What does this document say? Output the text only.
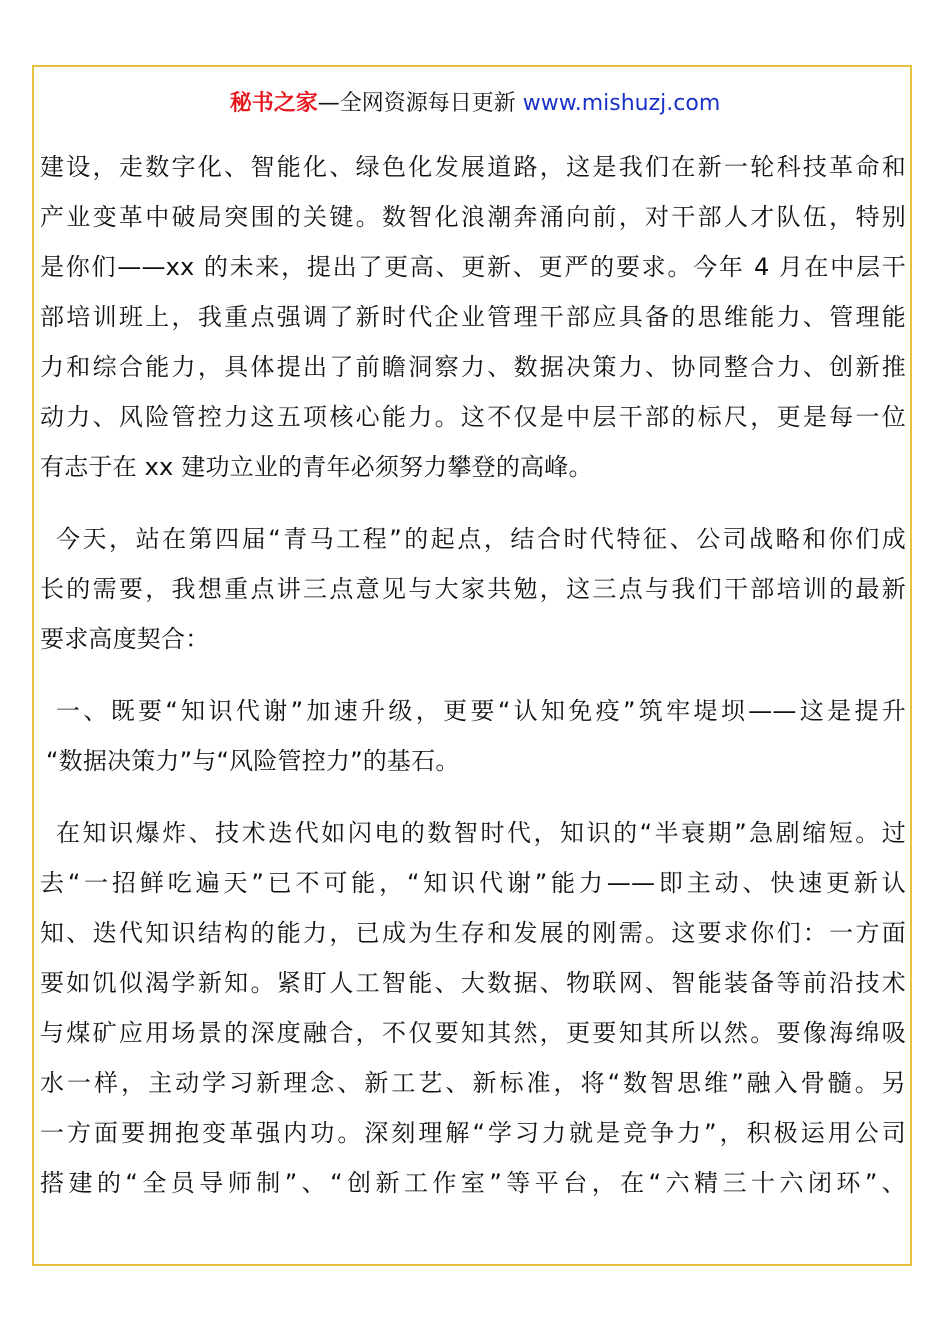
秘书之家—全网资源每日更新 www.mishuzj.com
建设，走数字化、智能化、绿色化发展道路，这是我们在新一轮科技革命和
产业变革中破局突围的关键。数智化浪潮奔涌向前，对干部人才队伍，特别
是你们——xx 的未来，提出了更高、更新、更严的要求。今年 4 月在中层干
部培训班上，我重点强调了新时代企业管理干部应具备的思维能力、管理能
力和综合能力，具体提出了前瞻洞察力、数据决策力、协同整合力、创新推
动力、风险管控力这五项核心能力。这不仅是中层干部的标尺，更是每一位
有志于在 xx 建功立业的青年必须努力攀登的高峰。
今天，站在第四届“青马工程”的起点，结合时代特征、公司战略和你们成
长的需要，我想重点讲三点意见与大家共勉，这三点与我们干部培训的最新
要求高度契合：
一、既要“知识代谢”加速升级，更要“认知免疫”筑牢堤坝——这是提升
“数据决策力”与“风险管控力”的基石。
在知识爆炸、技术迭代如闪电的数智时代，知识的“半衰期”急剧缩短。过
去“一招鲜吃遍天”已不可能，“知识代谢”能力——即主动、快速更新认
知、迭代知识结构的能力，已成为生存和发展的刚需。这要求你们：一方面
要如饥似渴学新知。紧盯人工智能、大数据、物联网、智能装备等前沿技术
与煤矿应用场景的深度融合，不仅要知其然，更要知其所以然。要像海绵吸
水一样，主动学习新理念、新工艺、新标准，将“数智思维”融入骨髓。另
一方面要拥抱变革强内功。深刻理解“学习力就是竞争力”，积极运用公司
搭建的“全员导师制”、“创新工作室”等平台，在“六精三十六闭环”、
